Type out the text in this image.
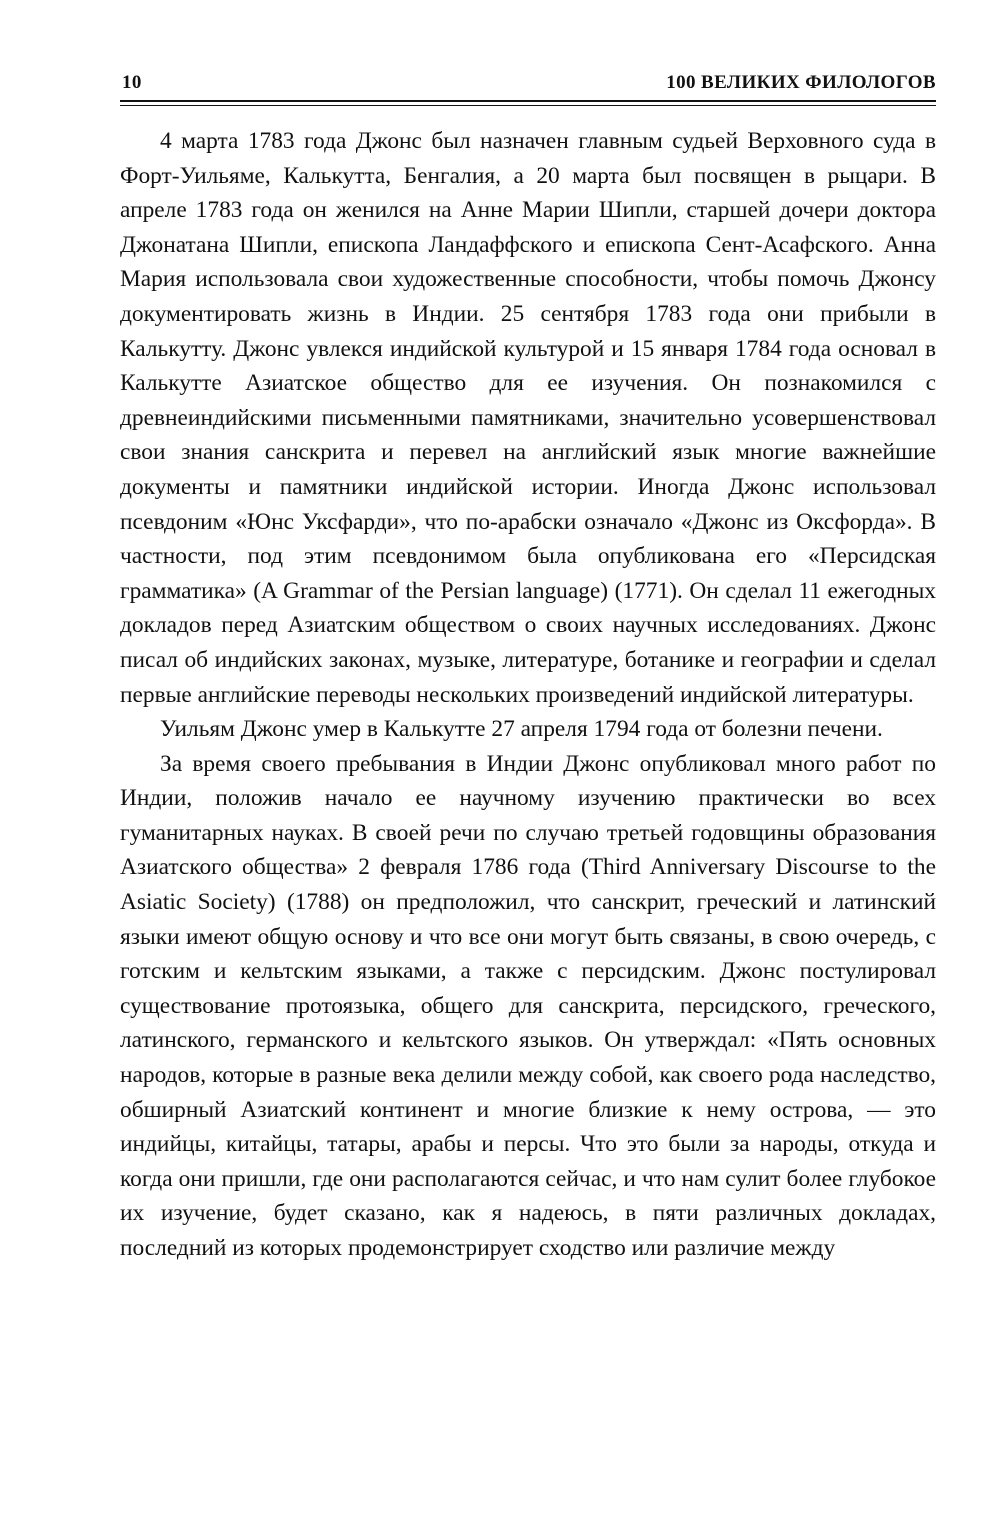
10	100 ВЕЛИКИХ ФИЛОЛОГОВ

4 марта 1783 года Джонс был назначен главным судьей Верховного суда в Форт-Уильяме, Калькутта, Бенгалия, а 20 марта был посвящен в рыцари. В апреле 1783 года он женился на Анне Марии Шипли, старшей дочери доктора Джонатана Шипли, епископа Ландаффского и епископа Сент-Асафского. Анна Мария использовала свои художественные способности, чтобы помочь Джонсу документировать жизнь в Индии. 25 сентября 1783 года они прибыли в Калькутту. Джонс увлекся индийской культурой и 15 января 1784 года основал в Калькутте Азиатское общество для ее изучения. Он познакомился с древнеиндийскими письменными памятниками, значительно усовершенствовал свои знания санскрита и перевел на английский язык многие важнейшие документы и памятники индийской истории. Иногда Джонс использовал псевдоним «Юнс Уксфарди», что по-арабски означало «Джонс из Оксфорда». В частности, под этим псевдонимом была опубликована его «Персидская грамматика» (A Grammar of the Persian language) (1771). Он сделал 11 ежегодных докладов перед Азиатским обществом о своих научных исследованиях. Джонс писал об индийских законах, музыке, литературе, ботанике и географии и сделал первые английские переводы нескольких произведений индийской литературы.

Уильям Джонс умер в Калькутте 27 апреля 1794 года от болезни печени.

За время своего пребывания в Индии Джонс опубликовал много работ по Индии, положив начало ее научному изучению практически во всех гуманитарных науках. В своей речи по случаю третьей годовщины образования Азиатского общества» 2 февраля 1786 года (Third Anniversary Discourse to the Asiatic Society) (1788) он предположил, что санскрит, греческий и латинский языки имеют общую основу и что все они могут быть связаны, в свою очередь, с готским и кельтским языками, а также с персидским. Джонс постулировал существование протоязыка, общего для санскрита, персидского, греческого, латинского, германского и кельтского языков. Он утверждал: «Пять основных народов, которые в разные века делили между собой, как своего рода наследство, обширный Азиатский континент и многие близкие к нему острова, — это индийцы, китайцы, татары, арабы и персы. Что это были за народы, откуда и когда они пришли, где они располагаются сейчас, и что нам сулит более глубокое их изучение, будет сказано, как я надеюсь, в пяти различных докладах, последний из которых продемонстрирует сходство или различие между
